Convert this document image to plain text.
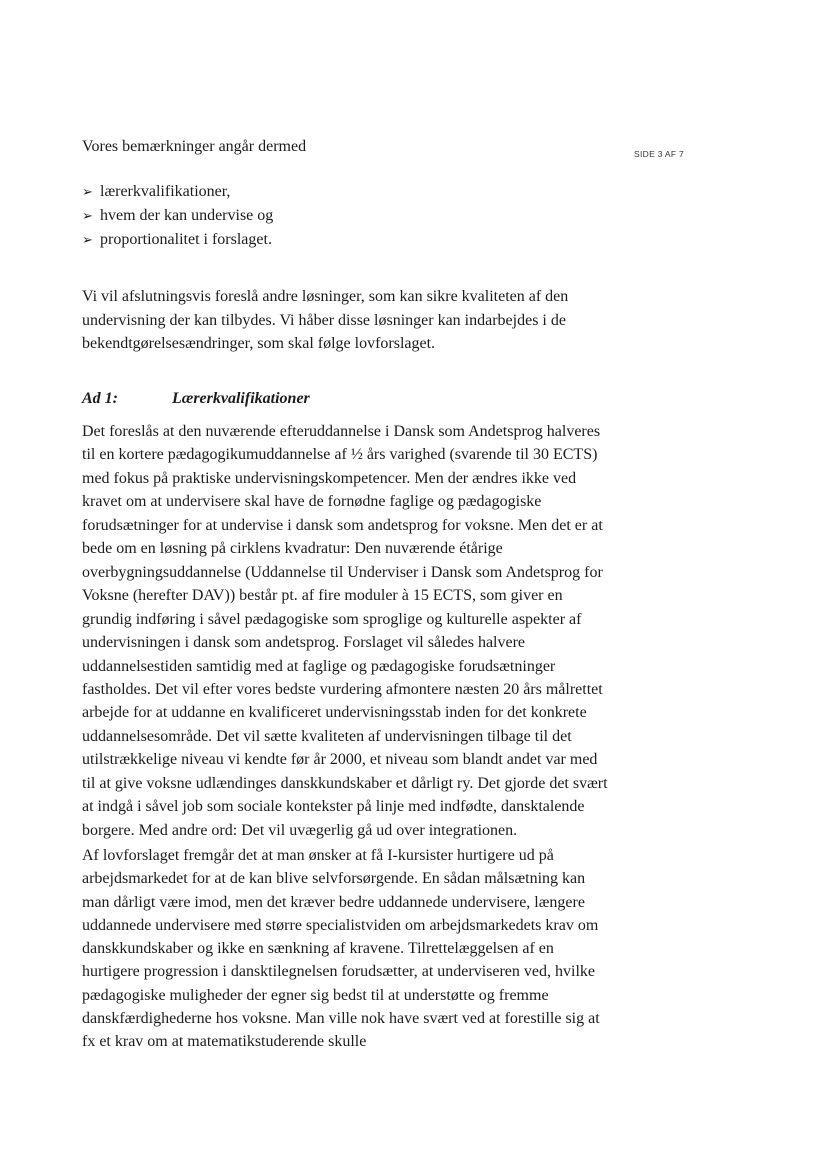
SIDE 3 AF 7

Vores bemærkninger angår dermed

➢ lærerkvalifikationer,
➢ hvem der kan undervise og
➢ proportionalitet i forslaget.

Vi vil afslutningsvis foreslå andre løsninger, som kan sikre kvaliteten af den undervisning der kan tilbydes. Vi håber disse løsninger kan indarbejdes i de bekendtgørelsesændringer, som skal følge lovforslaget.

Ad 1:	Lærerkvalifikationer

Det foreslås at den nuværende efteruddannelse i Dansk som Andetsprog halveres til en kortere pædagogikumuddannelse af ½ års varighed (svarende til 30 ECTS) med fokus på praktiske undervisningskompetencer. Men der ændres ikke ved kravet om at undervisere skal have de fornødne faglige og pædagogiske forudsætninger for at undervise i dansk som andetsprog for voksne. Men det er at bede om en løsning på cirklens kvadratur: Den nuværende étårige overbygningsuddannelse (Uddannelse til Underviser i Dansk som Andetsprog for Voksne (herefter DAV)) består pt. af fire moduler à 15 ECTS, som giver en grundig indføring i såvel pædagogiske som sproglige og kulturelle aspekter af undervisningen i dansk som andetsprog. Forslaget vil således halvere uddannelsestiden samtidig med at faglige og pædagogiske forudsætninger fastholdes. Det vil efter vores bedste vurdering afmontere næsten 20 års målrettet arbejde for at uddanne en kvalificeret undervisningsstab inden for det konkrete uddannelsesområde. Det vil sætte kvaliteten af undervisningen tilbage til det utilstrækkelige niveau vi kendte før år 2000, et niveau som blandt andet var med til at give voksne udlændinges danskkundskaber et dårligt ry. Det gjorde det svært at indgå i såvel job som sociale kontekster på linje med indfødte, dansktalende borgere. Med andre ord: Det vil uvægerlig gå ud over integrationen.

Af lovforslaget fremgår det at man ønsker at få I-kursister hurtigere ud på arbejdsmarkedet for at de kan blive selvforsørgende. En sådan målsætning kan man dårligt være imod, men det kræver bedre uddannede undervisere, længere uddannede undervisere med større specialistviden om arbejdsmarkedets krav om danskkundskaber og ikke en sænkning af kravene. Tilrettelæggelsen af en hurtigere progression i dansktilegnelsen forudsætter, at underviseren ved, hvilke pædagogiske muligheder der egner sig bedst til at understøtte og fremme danskfærdighederne hos voksne. Man ville nok have svært ved at forestille sig at fx et krav om at matematikstuderende skulle
